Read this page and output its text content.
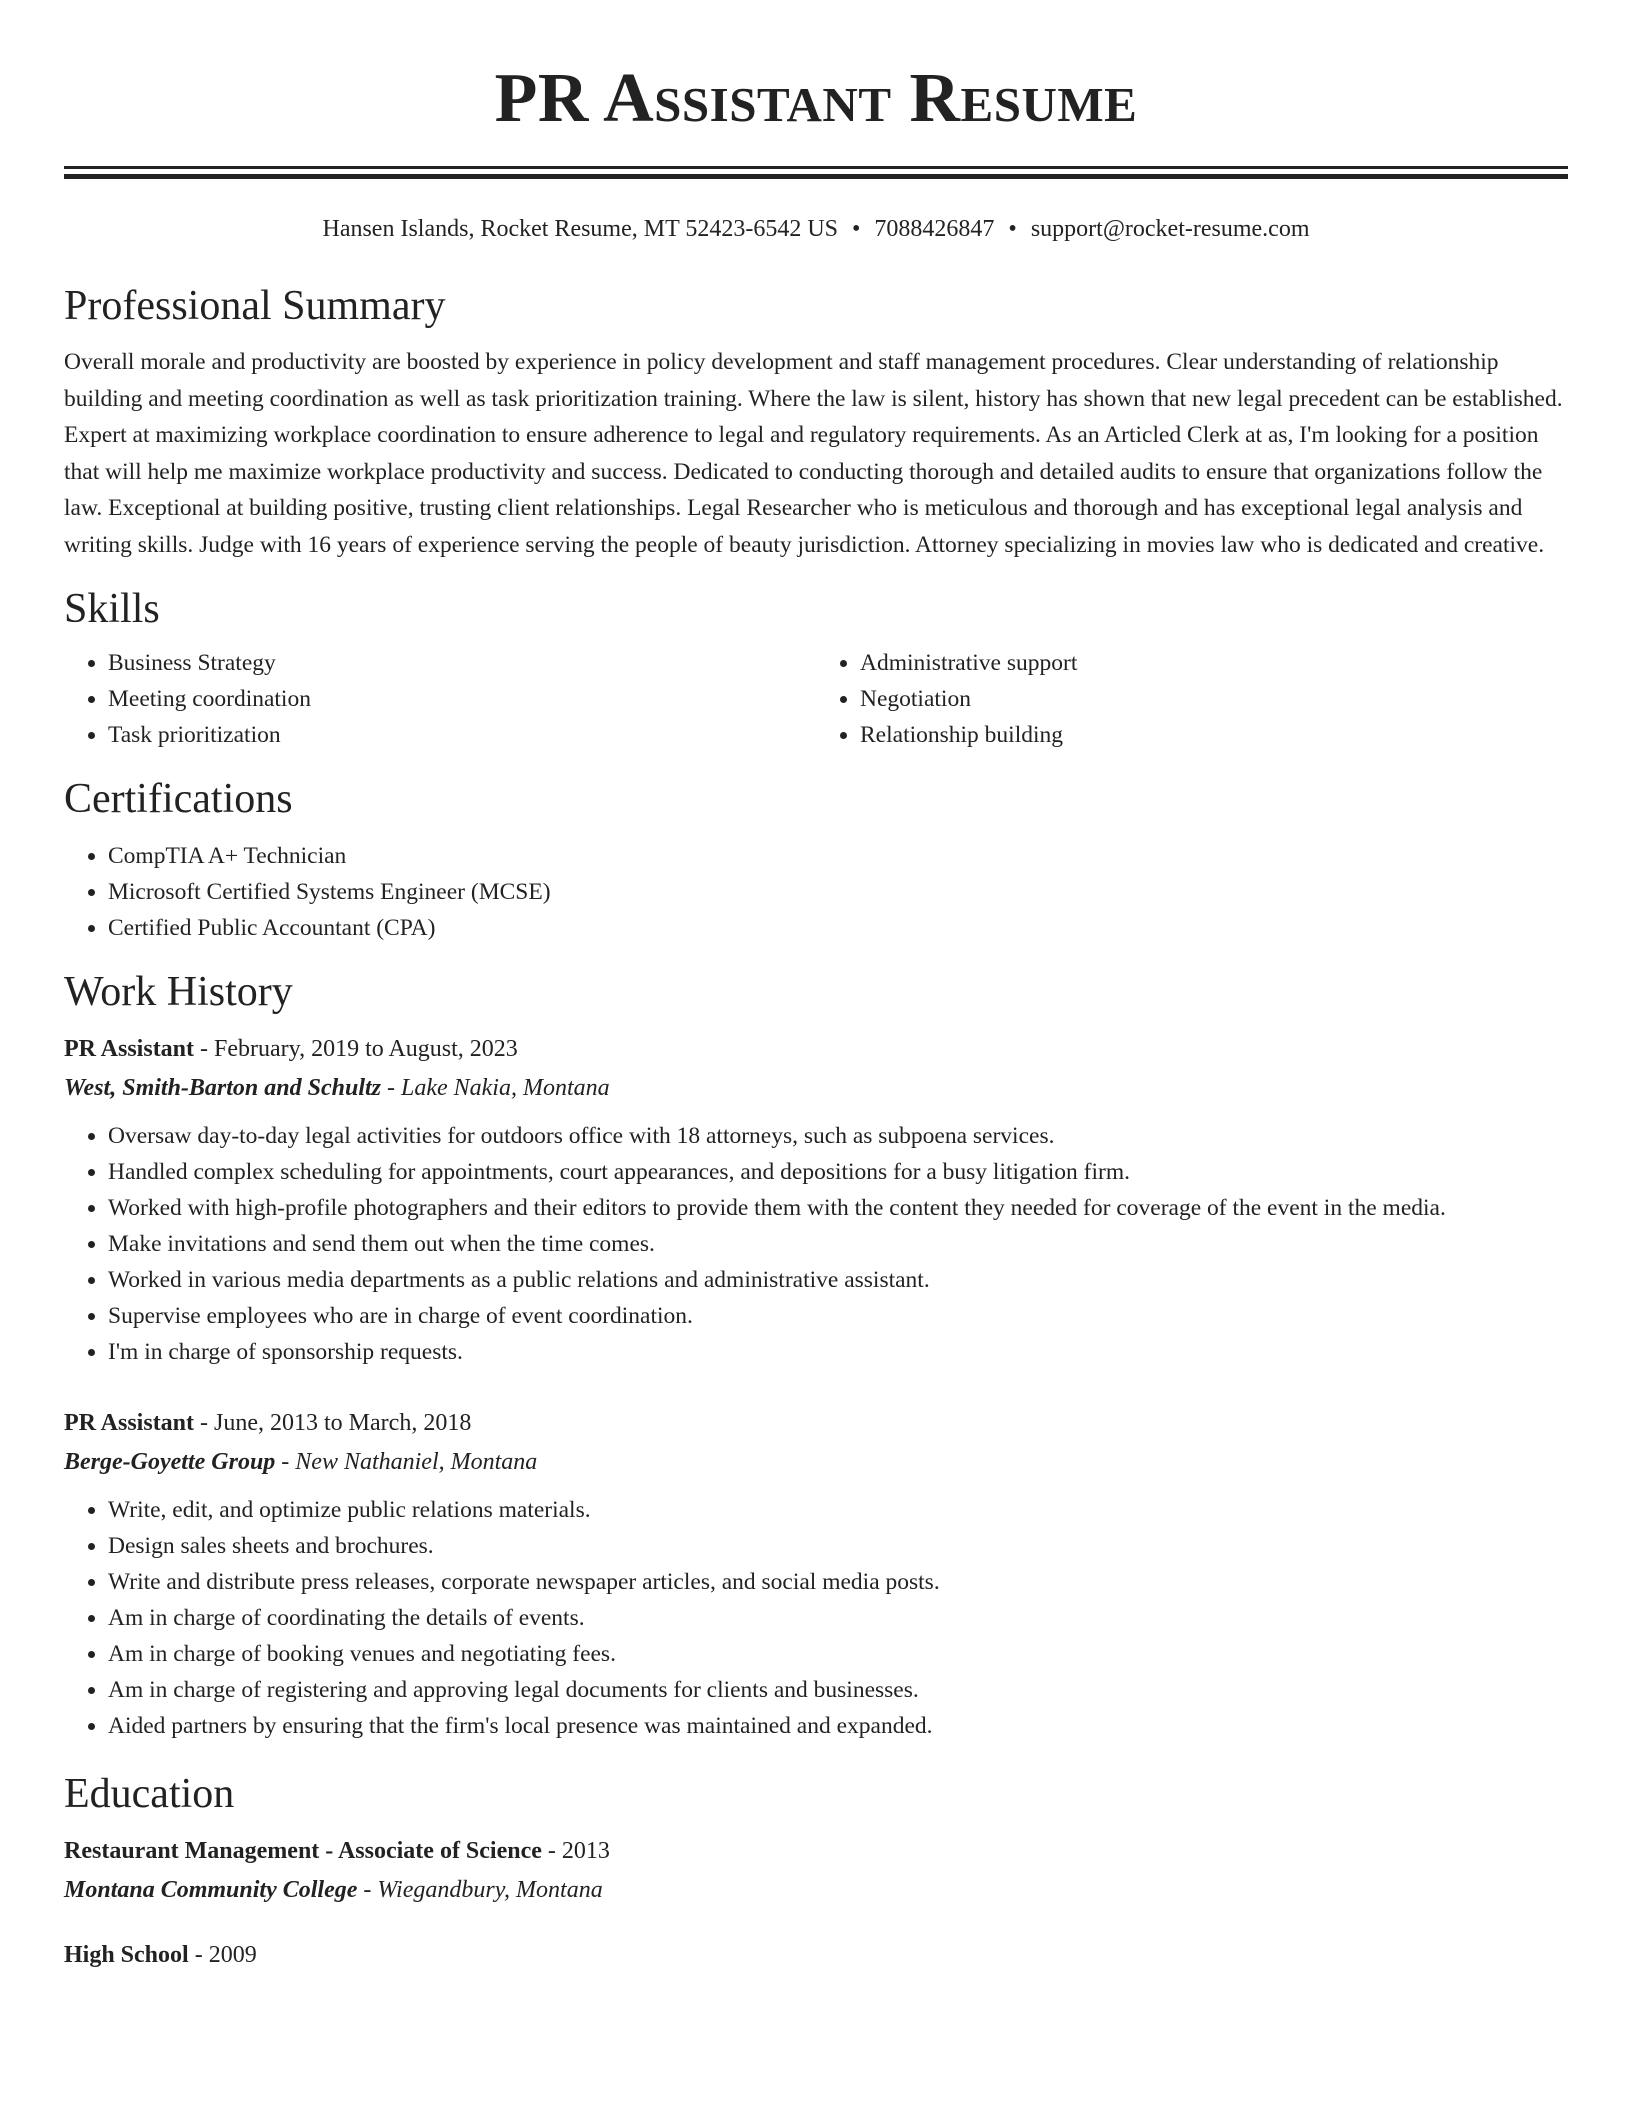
PR Assistant Resume
Hansen Islands, Rocket Resume, MT 52423-6542 US • 7088426847 • support@rocket-resume.com
Professional Summary

Overall morale and productivity are boosted by experience in policy development and staff management procedures. Clear understanding of relationship building and meeting coordination as well as task prioritization training. Where the law is silent, history has shown that new legal precedent can be established. Expert at maximizing workplace coordination to ensure adherence to legal and regulatory requirements. As an Articled Clerk at as, I'm looking for a position that will help me maximize workplace productivity and success. Dedicated to conducting thorough and detailed audits to ensure that organizations follow the law. Exceptional at building positive, trusting client relationships. Legal Researcher who is meticulous and thorough and has exceptional legal analysis and writing skills. Judge with 16 years of experience serving the people of beauty jurisdiction. Attorney specializing in movies law who is dedicated and creative.

Skills
• Business Strategy
• Meeting coordination
• Task prioritization
• Administrative support
• Negotiation
• Relationship building
Certifications
• CompTIA A+ Technician
• Microsoft Certified Systems Engineer (MCSE)
• Certified Public Accountant (CPA)
Work History
PR Assistant - February, 2019 to August, 2023
West, Smith-Barton and Schultz - Lake Nakia, Montana
• Oversaw day-to-day legal activities for outdoors office with 18 attorneys, such as subpoena services.
• Handled complex scheduling for appointments, court appearances, and depositions for a busy litigation firm.
• Worked with high-profile photographers and their editors to provide them with the content they needed for coverage of the event in the media.
• Make invitations and send them out when the time comes.
• Worked in various media departments as a public relations and administrative assistant.
• Supervise employees who are in charge of event coordination.
• I'm in charge of sponsorship requests.
PR Assistant - June, 2013 to March, 2018
Berge-Goyette Group - New Nathaniel, Montana
• Write, edit, and optimize public relations materials.
• Design sales sheets and brochures.
• Write and distribute press releases, corporate newspaper articles, and social media posts.
• Am in charge of coordinating the details of events.
• Am in charge of booking venues and negotiating fees.
• Am in charge of registering and approving legal documents for clients and businesses.
• Aided partners by ensuring that the firm's local presence was maintained and expanded.
Education
Restaurant Management - Associate of Science - 2013
Montana Community College - Wiegandbury, Montana
High School - 2009
